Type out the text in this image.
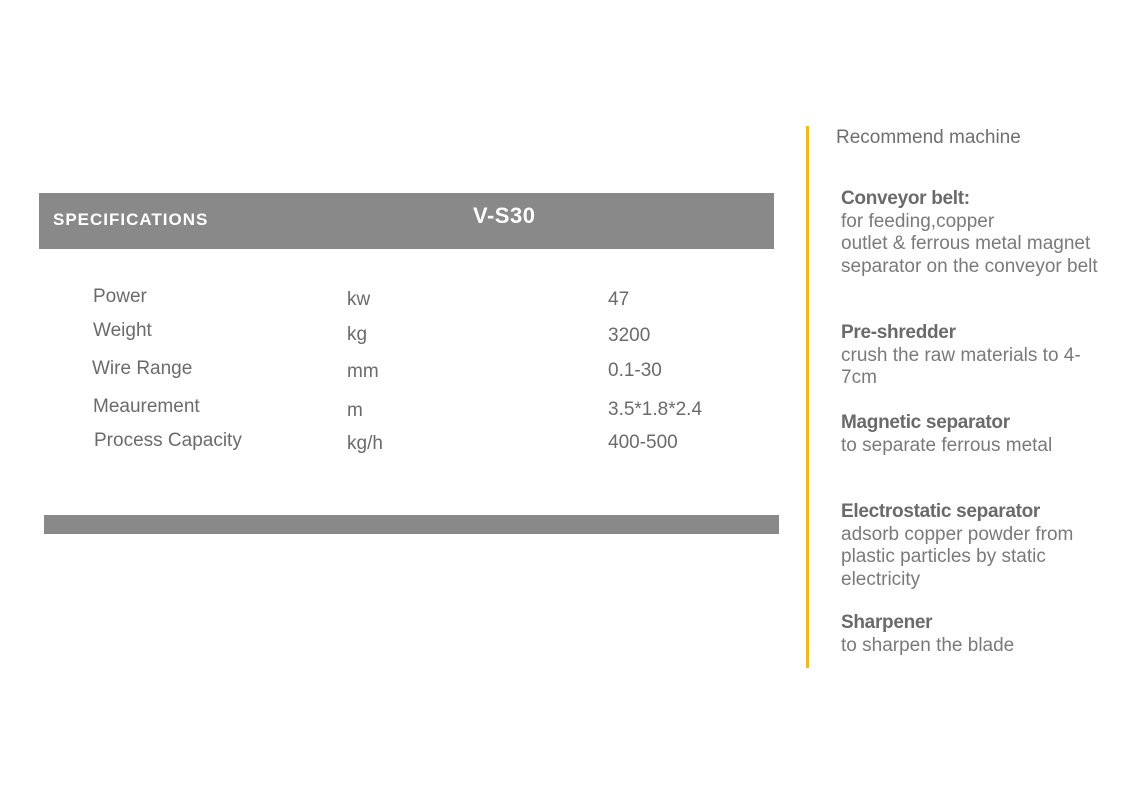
SPECIFICATIONS	V-S30
Power	kw	47
Weight	kg	3200
Wire Range	mm	0.1-30
Meaurement	m	3.5*1.8*2.4
Process Capacity	kg/h	400-500
Recommend machine
Conveyor belt:
for feeding,copper outlet & ferrous metal magnet separator on the conveyor belt
Pre-shredder
crush the raw materials to 4-7cm
Magnetic separator
to separate ferrous metal
Electrostatic separator
adsorb copper powder from plastic particles by static electricity
Sharpener
to sharpen the blade
